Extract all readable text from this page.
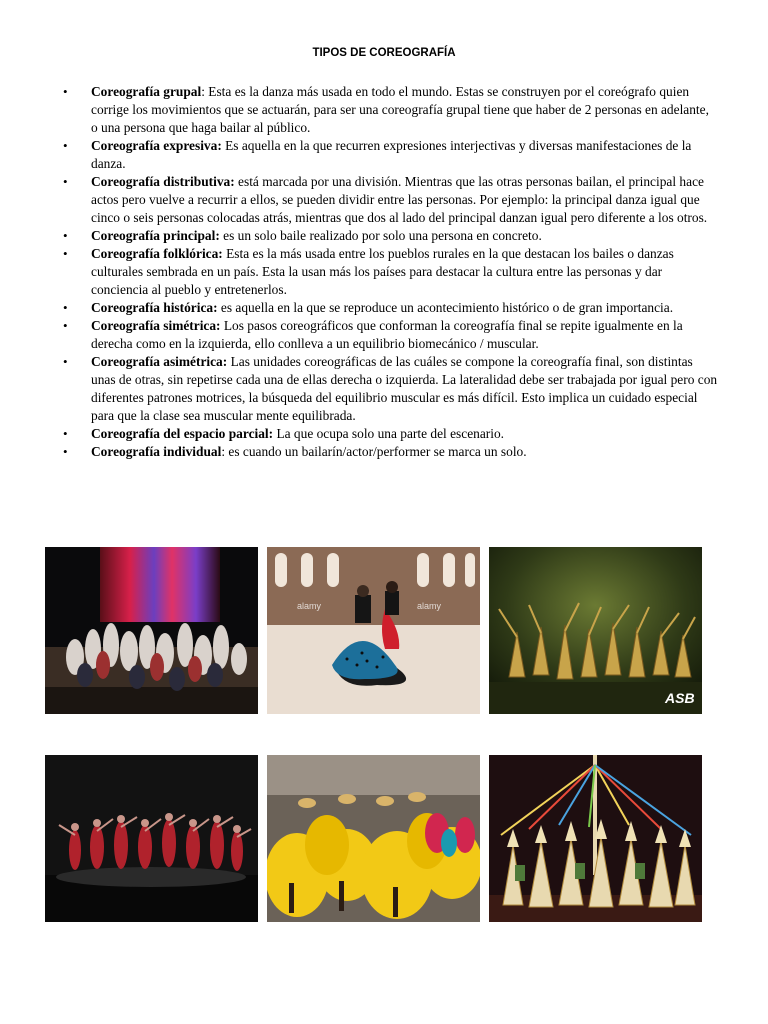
TIPOS DE COREOGRAFÍA
• Coreografía grupal: Esta es la danza más usada en todo el mundo. Estas se construyen por el coreógrafo quien corrige los movimientos que se actuarán, para ser una coreografía grupal tiene que haber de 2 personas en adelante, o una persona que haga bailar al público.
• Coreografía expresiva: Es aquella en la que recurren expresiones interjectivas y diversas manifestaciones de la danza.
• Coreografía distributiva: está marcada por una división. Mientras que las otras personas bailan, el principal hace actos pero vuelve a recurrir a ellos, se pueden dividir entre las personas. Por ejemplo: la principal danza igual que cinco o seis personas colocadas atrás, mientras que dos al lado del principal danzan igual pero diferente a los otros.
• Coreografía principal: es un solo baile realizado por solo una persona en concreto.
• Coreografía folklórica: Esta es la más usada entre los pueblos rurales en la que destacan los bailes o danzas culturales sembrada en un país. Esta la usan más los países para destacar la cultura entre las personas y dar conciencia al pueblo y entretenerlos.
• Coreografía histórica: es aquella en la que se reproduce un acontecimiento histórico o de gran importancia.
• Coreografía simétrica: Los pasos coreográficos que conforman la coreografía final se repite igualmente en la derecha como en la izquierda, ello conlleva a un equilibrio biomecánico / muscular.
• Coreografía asimétrica: Las unidades coreográficas de las cuáles se compone la coreografía final, son distintas unas de otras, sin repetirse cada una de ellas derecha o izquierda. La lateralidad debe ser trabajada por igual pero con diferentes patrones motrices, la búsqueda del equilibrio muscular es más difícil. Esto implica un cuidado especial para que la clase sea muscular mente equilibrada.
• Coreografía del espacio parcial: La que ocupa solo una parte del escenario.
• Coreografía individual: es cuando un bailarín/actor/performer se marca un solo.
alamy	alamy
ASB
